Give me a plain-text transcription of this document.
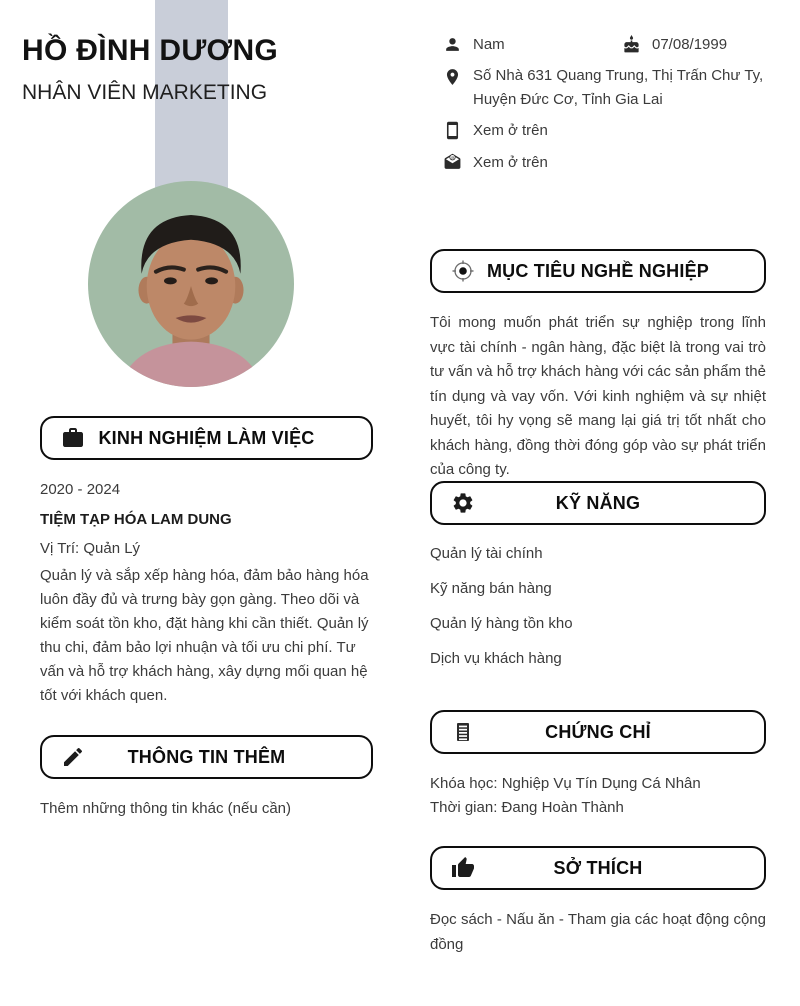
HỒ ĐÌNH DƯƠNG
NHÂN VIÊN MARKETING
Nam	07/08/1999
Số Nhà 631 Quang Trung, Thị Trấn Chư Ty, Huyện Đức Cơ, Tỉnh Gia Lai
Xem ở trên
@ Xem ở trên
KINH NGHIỆM LÀM VIỆC
2020 - 2024
TIỆM TẠP HÓA LAM DUNG
Vị Trí: Quản Lý
Quản lý và sắp xếp hàng hóa, đảm bảo hàng hóa luôn đầy đủ và trưng bày gọn gàng. Theo dõi và kiểm soát tồn kho, đặt hàng khi cần thiết. Quản lý thu chi, đảm bảo lợi nhuận và tối ưu chi phí. Tư vấn và hỗ trợ khách hàng, xây dựng mối quan hệ tốt với khách quen.
THÔNG TIN THÊM
Thêm những thông tin khác (nếu cần)
MỤC TIÊU NGHỀ NGHIỆP
Tôi mong muốn phát triển sự nghiệp trong lĩnh vực tài chính - ngân hàng, đặc biệt là trong vai trò tư vấn và hỗ trợ khách hàng với các sản phẩm thẻ tín dụng và vay vốn. Với kinh nghiệm và sự nhiệt huyết, tôi hy vọng sẽ mang lại giá trị tốt nhất cho khách hàng, đồng thời đóng góp vào sự phát triển của công ty.
KỸ NĂNG
Quản lý tài chính
Kỹ năng bán hàng
Quản lý hàng tồn kho
Dịch vụ khách hàng
CHỨNG CHỈ
Khóa học: Nghiệp Vụ Tín Dụng Cá Nhân
Thời gian: Đang Hoàn Thành
SỞ THÍCH
Đọc sách - Nấu ăn - Tham gia các hoạt động cộng đồng
